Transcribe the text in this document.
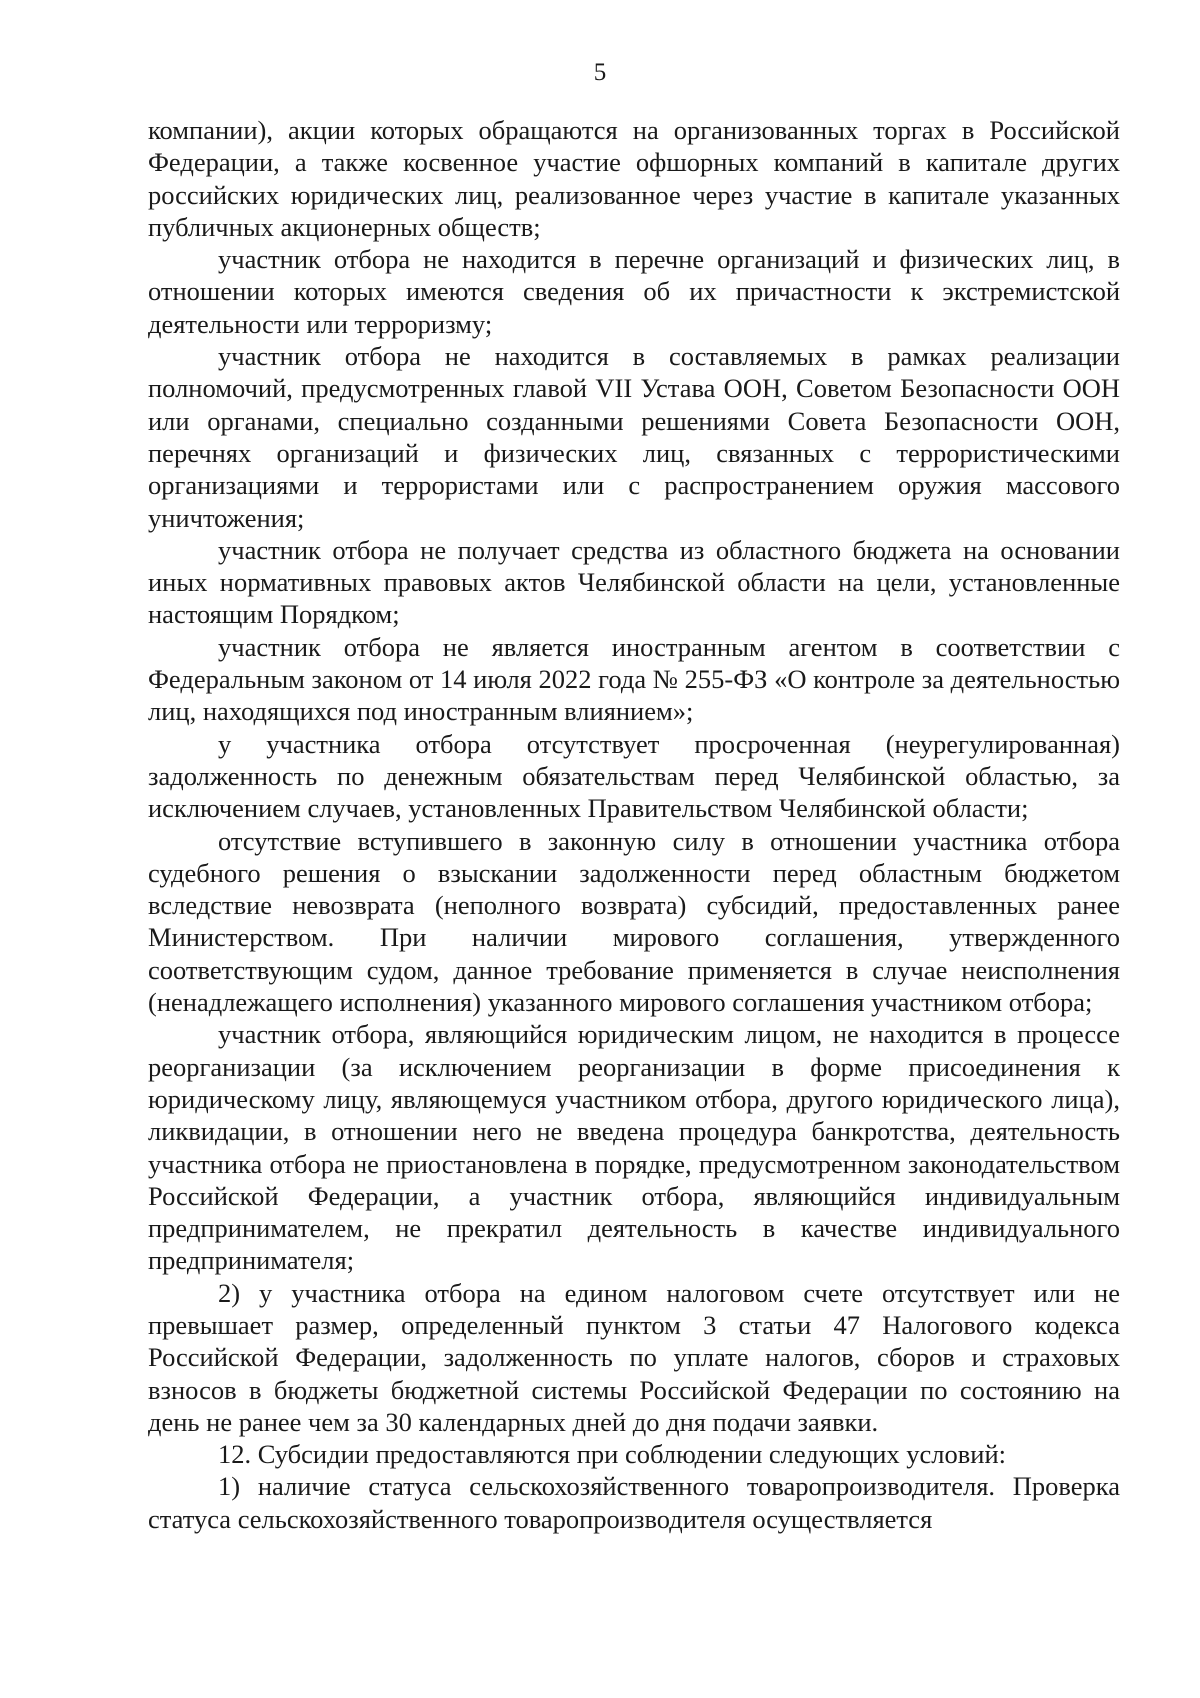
5

компании), акции которых обращаются на организованных торгах в Российской Федерации, а также косвенное участие офшорных компаний в капитале других российских юридических лиц, реализованное через участие в капитале указанных публичных акционерных обществ;

участник отбора не находится в перечне организаций и физических лиц, в отношении которых имеются сведения об их причастности к экстремистской деятельности или терроризму;

участник отбора не находится в составляемых в рамках реализации полномочий, предусмотренных главой VII Устава ООН, Советом Безопасности ООН или органами, специально созданными решениями Совета Безопасности ООН, перечнях организаций и физических лиц, связанных с террористическими организациями и террористами или с распространением оружия массового уничтожения;

участник отбора не получает средства из областного бюджета на основании иных нормативных правовых актов Челябинской области на цели, установленные настоящим Порядком;

участник отбора не является иностранным агентом в соответствии с Федеральным законом от 14 июля 2022 года № 255-ФЗ «О контроле за деятельностью лиц, находящихся под иностранным влиянием»;

у участника отбора отсутствует просроченная (неурегулированная) задолженность по денежным обязательствам перед Челябинской областью, за исключением случаев, установленных Правительством Челябинской области;

отсутствие вступившего в законную силу в отношении участника отбора судебного решения о взыскании задолженности перед областным бюджетом вследствие невозврата (неполного возврата) субсидий, предоставленных ранее Министерством. При наличии мирового соглашения, утвержденного соответствующим судом, данное требование применяется в случае неисполнения (ненадлежащего исполнения) указанного мирового соглашения участником отбора;

участник отбора, являющийся юридическим лицом, не находится в процессе реорганизации (за исключением реорганизации в форме присоединения к юридическому лицу, являющемуся участником отбора, другого юридического лица), ликвидации, в отношении него не введена процедура банкротства, деятельность участника отбора не приостановлена в порядке, предусмотренном законодательством Российской Федерации, а участник отбора, являющийся индивидуальным предпринимателем, не прекратил деятельность в качестве индивидуального предпринимателя;

2) у участника отбора на едином налоговом счете отсутствует или не превышает размер, определенный пунктом 3 статьи 47 Налогового кодекса Российской Федерации, задолженность по уплате налогов, сборов и страховых взносов в бюджеты бюджетной системы Российской Федерации по состоянию на день не ранее чем за 30 календарных дней до дня подачи заявки.

12. Субсидии предоставляются при соблюдении следующих условий:

1) наличие статуса сельскохозяйственного товаропроизводителя. Проверка статуса сельскохозяйственного товаропроизводителя осуществляется
